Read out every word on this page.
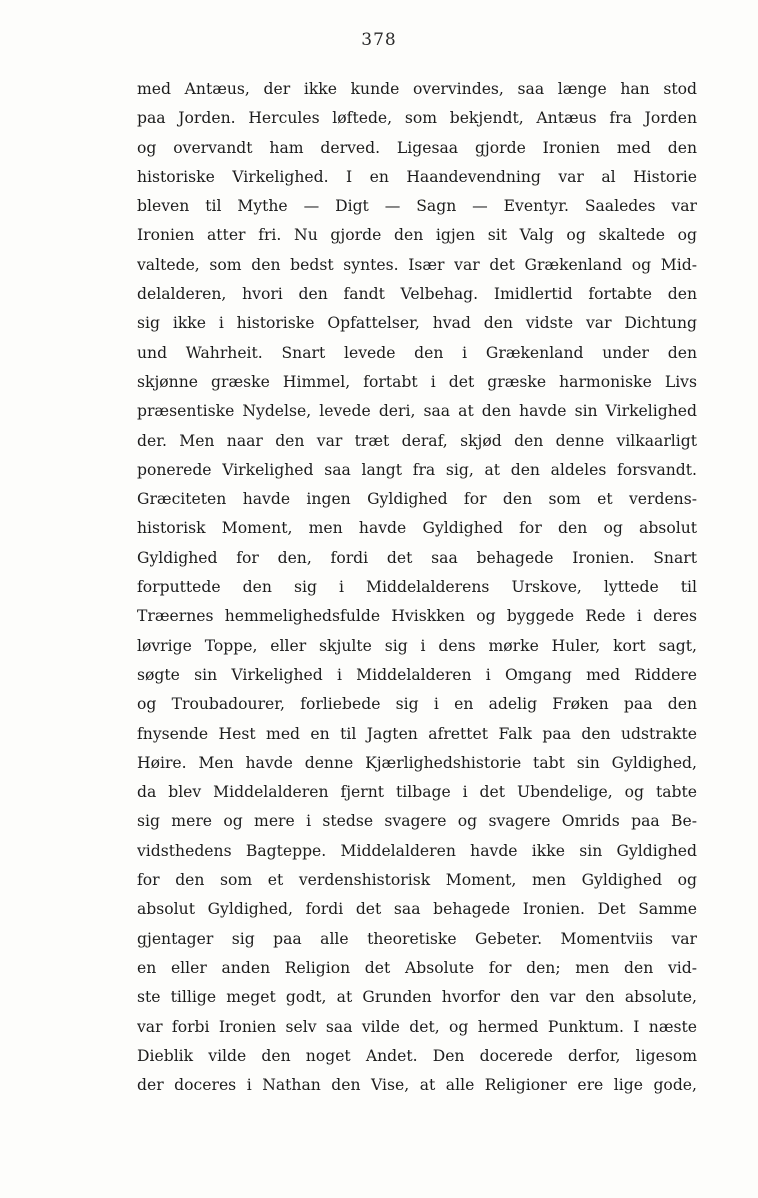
378
med Antæus, der ikke kunde overvindes, saa længe han stod
paa Jorden. Hercules løftede, som bekjendt, Antæus fra Jorden
og overvandt ham derved. Ligesaa gjorde Ironien med den
historiske Virkelighed. I en Haandevendning var al Historie
bleven til Mythe — Digt — Sagn — Eventyr. Saaledes var
Ironien atter fri. Nu gjorde den igjen sit Valg og skaltede og
valtede, som den bedst syntes. Især var det Grækenland og Mid-
delalderen, hvori den fandt Velbehag. Imidlertid fortabte den
sig ikke i historiske Opfattelser, hvad den vidste var Dichtung
und Wahrheit. Snart levede den i Grækenland under den
skjønne græske Himmel, fortabt i det græske harmoniske Livs
præsentiske Nydelse, levede deri, saa at den havde sin Virkelighed
der. Men naar den var træt deraf, skjød den denne vilkaarligt
ponerede Virkelighed saa langt fra sig, at den aldeles forsvandt.
Græciteten havde ingen Gyldighed for den som et verdens-
historisk Moment, men havde Gyldighed for den og absolut
Gyldighed for den, fordi det saa behagede Ironien. Snart
forputtede den sig i Middelalderens Urskove, lyttede til
Træernes hemmelighedsfulde Hviskken og byggede Rede i deres
løvrige Toppe, eller skjulte sig i dens mørke Huler, kort sagt,
søgte sin Virkelighed i Middelalderen i Omgang med Riddere
og Troubadourer, forliebede sig i en adelig Frøken paa den
fnysende Hest med en til Jagten afrettet Falk paa den udstrakte
Høire. Men havde denne Kjærlighedshistorie tabt sin Gyldighed,
da blev Middelalderen fjernt tilbage i det Ubendelige, og tabte
sig mere og mere i stedse svagere og svagere Omrids paa Be-
vidsthedens Bagteppe. Middelalderen havde ikke sin Gyldighed
for den som et verdenshistorisk Moment, men Gyldighed og
absolut Gyldighed, fordi det saa behagede Ironien. Det Samme
gjentager sig paa alle theoretiske Gebeter. Momentviis var
en eller anden Religion det Absolute for den; men den vid-
ste tillige meget godt, at Grunden hvorfor den var den absolute,
var forbi Ironien selv saa vilde det, og hermed Punktum. I næste
Dieblik vilde den noget Andet. Den docerede derfor, ligesom
der doceres i Nathan den Vise, at alle Religioner ere lige gode,
